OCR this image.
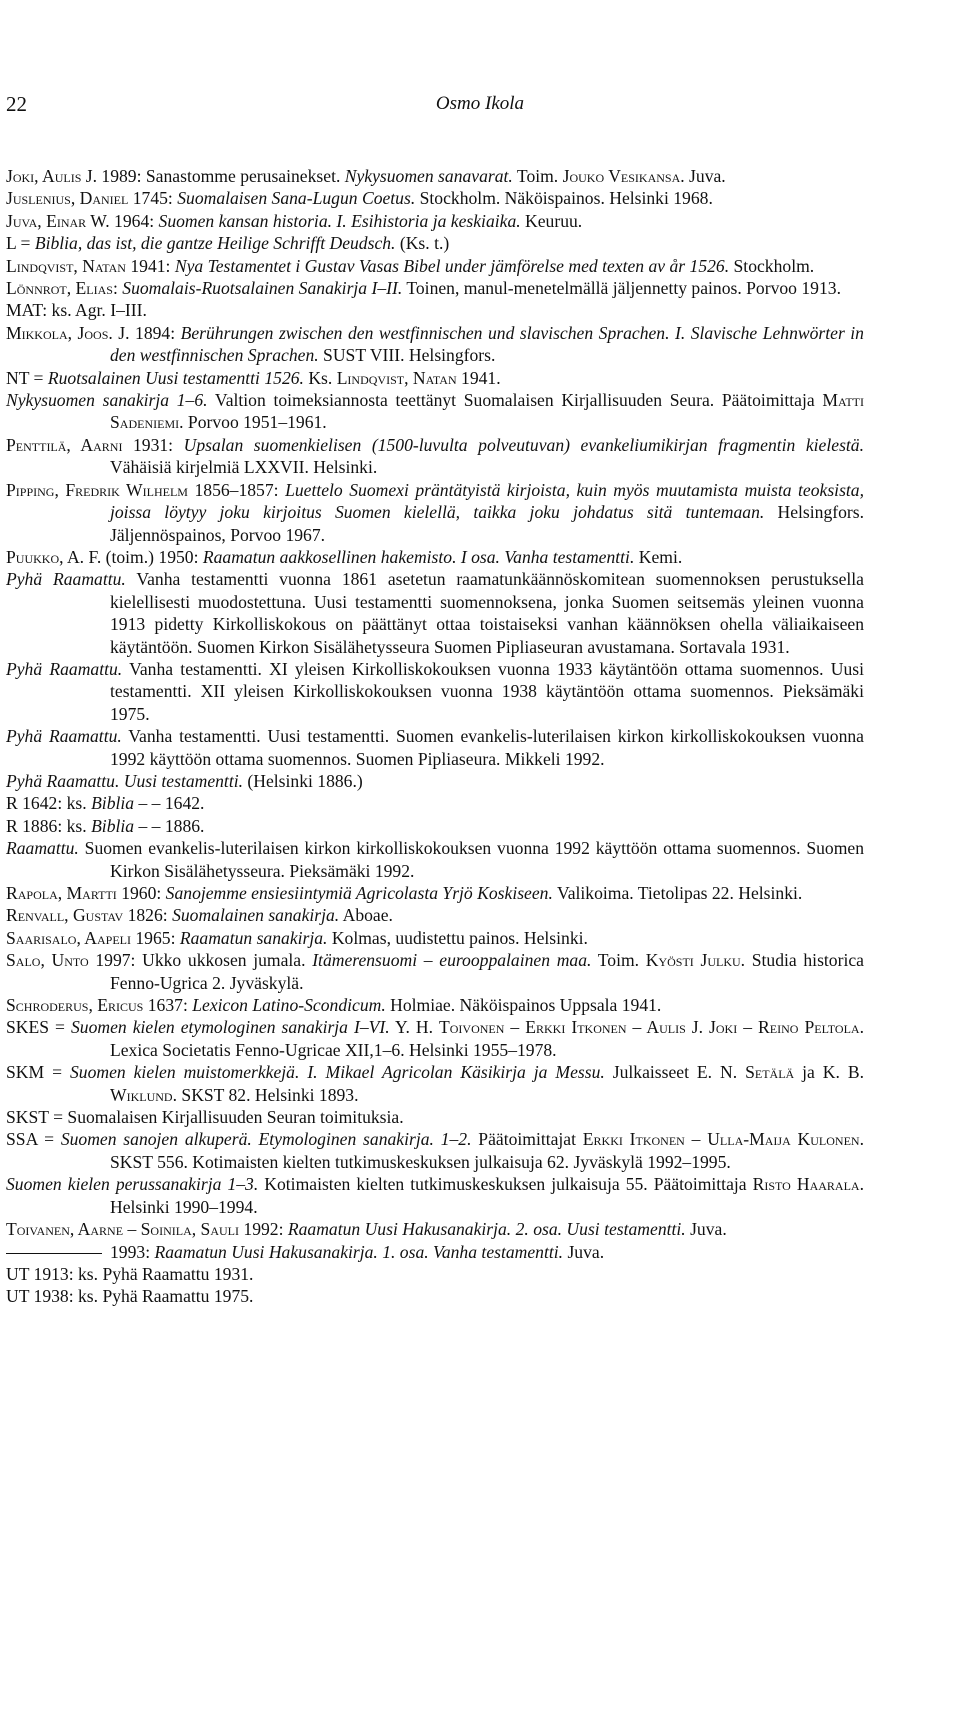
22	Osmo Ikola

Joki, Aulis J. 1989: Sanastomme perusainekset. Nykysuomen sanavarat. Toim. Jouko Vesikansa. Juva.

Juslenius, Daniel 1745: Suomalaisen Sana-Lugun Coetus. Stockholm. Näköispainos. Helsinki 1968.

Juva, Einar W. 1964: Suomen kansan historia. I. Esihistoria ja keskiaika. Keuruu.

L = Biblia, das ist, die gantze Heilige Schrifft Deudsch. (Ks. t.)

Lindqvist, Natan 1941: Nya Testamentet i Gustav Vasas Bibel under jämförelse med texten av år 1526. Stockholm.

Lönnrot, Elias: Suomalais-Ruotsalainen Sanakirja I–II. Toinen, manul-menetelmällä jäljennetty painos. Porvoo 1913.

MAT: ks. Agr. I–III.

Mikkola, Joos. J. 1894: Berührungen zwischen den westfinnischen und slavischen Sprachen. I. Slavische Lehnwörter in den westfinnischen Sprachen. SUST VIII. Helsingfors.

NT = Ruotsalainen Uusi testamentti 1526. Ks. Lindqvist, Natan 1941.

Nykysuomen sanakirja 1–6. Valtion toimeksiannosta teettänyt Suomalaisen Kirjallisuuden Seura. Päätoimittaja Matti Sadeniemi. Porvoo 1951–1961.

Penttilä, Aarni 1931: Upsalan suomenkielisen (1500-luvulta polveutuvan) evankeliumikirjan fragmentin kielestä. Vähäisiä kirjelmiä LXXVII. Helsinki.

Pipping, Fredrik Wilhelm 1856–1857: Luettelo Suomexi präntätyistä kirjoista, kuin myös muutamista muista teoksista, joissa löytyy joku kirjoitus Suomen kielellä, taikka joku johdatus sitä tuntemaan. Helsingfors. Jäljennöspainos, Porvoo 1967.

Puukko, A. F. (toim.) 1950: Raamatun aakkosellinen hakemisto. I osa. Vanha testamentti. Kemi.

Pyhä Raamattu. Vanha testamentti vuonna 1861 asetetun raamatunkäännöskomitean suomennoksen perustuksella kielellisesti muodostettuna. Uusi testamentti suomennoksena, jonka Suomen seitsemäs yleinen vuonna 1913 pidetty Kirkolliskokous on päättänyt ottaa toistaiseksi vanhan käännöksen ohella väliaikaiseen käytäntöön. Suomen Kirkon Sisälähetysseura Suomen Pipliaseuran avustamana. Sortavala 1931.

Pyhä Raamattu. Vanha testamentti. XI yleisen Kirkolliskokouksen vuonna 1933 käytäntöön ottama suomennos. Uusi testamentti. XII yleisen Kirkolliskokouksen vuonna 1938 käytäntöön ottama suomennos. Pieksämäki 1975.

Pyhä Raamattu. Vanha testamentti. Uusi testamentti. Suomen evankelis-luterilaisen kirkon kirkolliskokouksen vuonna 1992 käyttöön ottama suomennos. Suomen Pipliaseura. Mikkeli 1992.

Pyhä Raamattu. Uusi testamentti. (Helsinki 1886.)

R 1642: ks. Biblia – – 1642.

R 1886: ks. Biblia – – 1886.

Raamattu. Suomen evankelis-luterilaisen kirkon kirkolliskokouksen vuonna 1992 käyttöön ottama suomennos. Suomen Kirkon Sisälähetysseura. Pieksämäki 1992.

Rapola, Martti 1960: Sanojemme ensiesiintymiä Agricolasta Yrjö Koskiseen. Valikoima. Tietolipas 22. Helsinki.

Renvall, Gustav 1826: Suomalainen sanakirja. Aboae.

Saarisalo, Aapeli 1965: Raamatun sanakirja. Kolmas, uudistettu painos. Helsinki.

Salo, Unto 1997: Ukko ukkosen jumala. Itämerensuomi – eurooppalainen maa. Toim. Kyösti Julku. Studia historica Fenno-Ugrica 2. Jyväskylä.

Schroderus, Ericus 1637: Lexicon Latino-Scondicum. Holmiae. Näköispainos Uppsala 1941.

SKES = Suomen kielen etymologinen sanakirja I–VI. Y. H. Toivonen – Erkki Itkonen – Aulis J. Joki – Reino Peltola. Lexica Societatis Fenno-Ugricae XII,1–6. Helsinki 1955–1978.

SKM = Suomen kielen muistomerkkejä. I. Mikael Agricolan Käsikirja ja Messu. Julkaisseet E. N. Setälä ja K. B. Wiklund. SKST 82. Helsinki 1893.

SKST = Suomalaisen Kirjallisuuden Seuran toimituksia.

SSA = Suomen sanojen alkuperä. Etymologinen sanakirja. 1–2. Päätoimittajat Erkki Itkonen – Ulla-Maija Kulonen. SKST 556. Kotimaisten kielten tutkimuskeskuksen julkaisuja 62. Jyväskylä 1992–1995.

Suomen kielen perussanakirja 1–3. Kotimaisten kielten tutkimuskeskuksen julkaisuja 55. Päätoimittaja Risto Haarala. Helsinki 1990–1994.

Toivanen, Aarne – Soinila, Sauli 1992: Raamatun Uusi Hakusanakirja. 2. osa. Uusi testamentti. Juva.

1993: Raamatun Uusi Hakusanakirja. 1. osa. Vanha testamentti. Juva.

UT 1913: ks. Pyhä Raamattu 1931.

UT 1938: ks. Pyhä Raamattu 1975.
